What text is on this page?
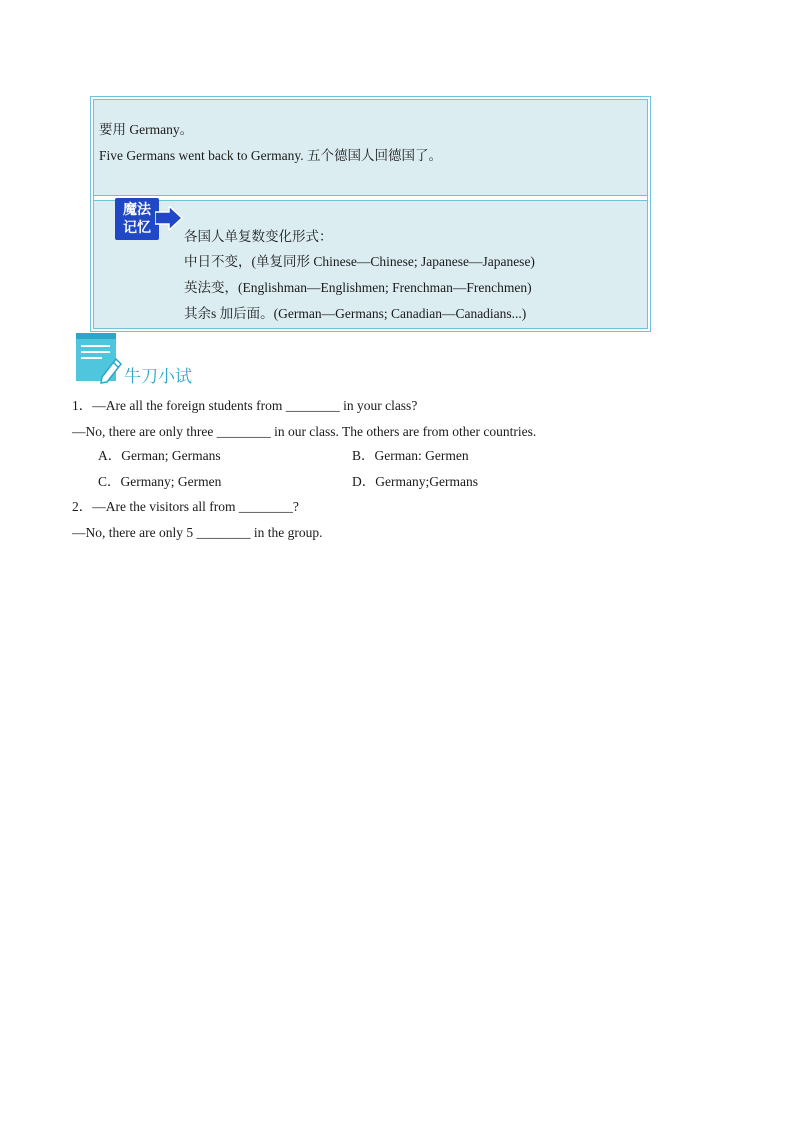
要用 Germany。
Five Germans went back to Germany. 五个德国人回德国了。
魔法
记忆
各国人单复数变化形式：
中日不变，(单复同形 Chinese—Chinese; Japanese—Japanese)
英法变，(Englishman—Englishmen; Frenchman—Frenchmen)
其余s 加后面。(German—Germans; Canadian—Canadians...)
牛刀小试
1．—Are all the foreign students from ________ in your class?
—No, there are only three ________ in our class. The others are from other countries.
A．German; Germans	B．German: Germen
C．Germany; Germen	D．Germany;Germans
2．—Are the visitors all from ________?
—No, there are only 5 ________ in the group.
